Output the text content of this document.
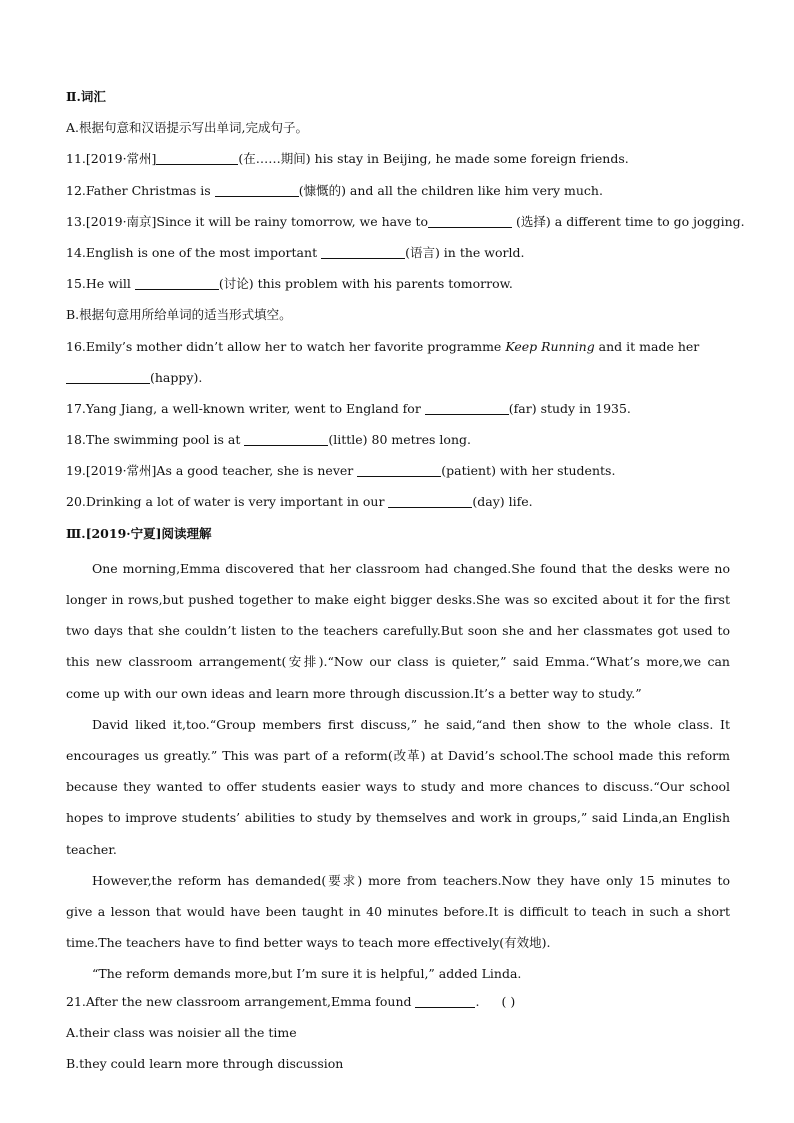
Ⅱ.词汇
A.根据句意和汉语提示写出单词,完成句子。
11.[2019·常州]	(在……期间) his stay in Beijing, he made some foreign friends.
12.Father Christmas is	(慷慨的) and all the children like him very much.
13.[2019·南京]Since it will be rainy tomorrow, we have to	(选择) a different time to go jogging.
14.English is one of the most important	(语言) in the world.
15.He will	(讨论) this problem with his parents tomorrow.
B.根据句意用所给单词的适当形式填空。
16.Emily’s mother didn’t allow her to watch her favorite programme Keep Running and it made her
(happy).
17.Yang Jiang, a well-known writer, went to England for	(far) study in 1935.
18.The swimming pool is at	(little) 80 metres long.
19.[2019·常州]As a good teacher, she is never	(patient) with her students.
20.Drinking a lot of water is very important in our	(day) life.
Ⅲ.[2019·宁夏]阅读理解

One morning,Emma discovered that her classroom had changed.She found that the desks were no longer in rows,but pushed together to make eight bigger desks.She was so excited about it for the first two days that she couldn’t listen to the teachers carefully.But soon she and her classmates got used to this new classroom arrangement(安排).“Now our class is quieter,” said Emma.“What’s more,we can come up with our own ideas and learn more through discussion.It’s a better way to study.”

David liked it,too.“Group members first discuss,” he said,“and then show to the whole class. It encourages us greatly.” This was part of a reform(改革) at David’s school.The school made this reform because they wanted to offer students easier ways to study and more chances to discuss.“Our school hopes to improve students’ abilities to study by themselves and work in groups,” said Linda,an English teacher.

However,the reform has demanded(要求) more from teachers.Now they have only 15 minutes to give a lesson that would have been taught in 40 minutes before.It is difficult to teach in such a short time.The teachers have to find better ways to teach more effectively(有效地).

“The reform demands more,but I’m sure it is helpful,” added Linda.

21.After the new classroom arrangement,Emma found	. ( )
A.their class was noisier all the time
B.they could learn more through discussion
